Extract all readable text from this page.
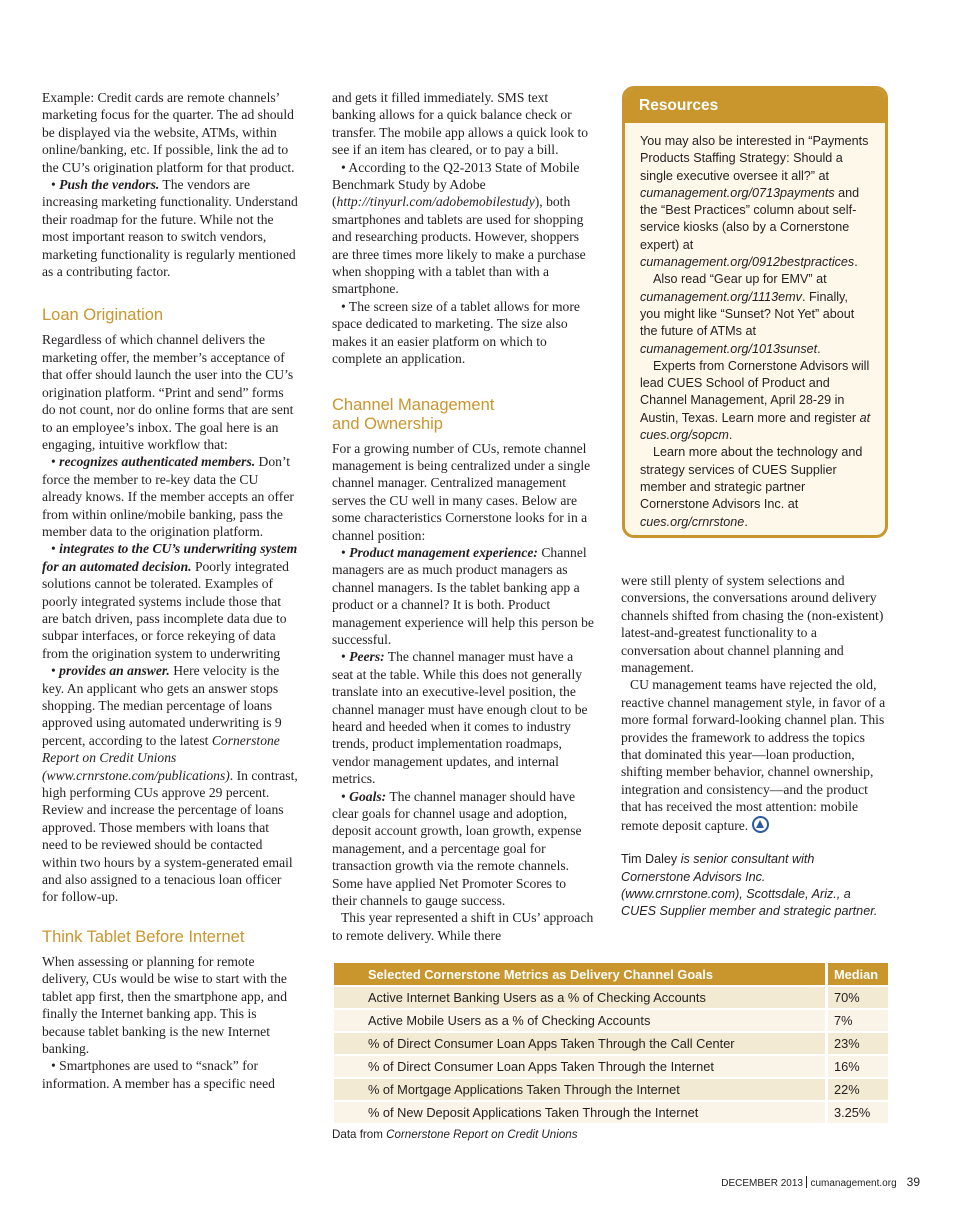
Example: Credit cards are remote channels’ marketing focus for the quarter. The ad should be displayed via the website, ATMs, within online/banking, etc. If possible, link the ad to the CU’s origination platform for that product.

• Push the vendors. The vendors are increasing marketing functionality. Understand their roadmap for the future. While not the most important reason to switch vendors, marketing functionality is regularly mentioned as a contributing factor.

Loan Origination

Regardless of which channel delivers the marketing offer, the member’s acceptance of that offer should launch the user into the CU’s origination platform. “Print and send” forms do not count, nor do online forms that are sent to an employee’s inbox. The goal here is an engaging, intuitive workflow that:

• recognizes authenticated members. Don’t force the member to re-key data the CU already knows. If the member accepts an offer from within online/mobile banking, pass the member data to the origination platform.

• integrates to the CU’s underwriting system for an automated decision. Poorly integrated solutions cannot be tolerated. Examples of poorly integrated systems include those that are batch driven, pass incomplete data due to subpar interfaces, or force rekeying of data from the origination system to underwriting

• provides an answer. Here velocity is the key. An applicant who gets an answer stops shopping. The median percentage of loans approved using automated underwriting is 9 percent, according to the latest Cornerstone Report on Credit Unions (www.crnrstone.com/publications). In contrast, high performing CUs approve 29 percent. Review and increase the percentage of loans approved. Those members with loans that need to be reviewed should be contacted within two hours by a system-generated email and also assigned to a tenacious loan officer for follow-up.

Think Tablet Before Internet

When assessing or planning for remote delivery, CUs would be wise to start with the tablet app first, then the smartphone app, and finally the Internet banking app. This is because tablet banking is the new Internet banking.

• Smartphones are used to “snack” for information. A member has a specific need

and gets it filled immediately. SMS text banking allows for a quick balance check or transfer. The mobile app allows a quick look to see if an item has cleared, or to pay a bill.

• According to the Q2-2013 State of Mobile Benchmark Study by Adobe (http://tinyurl.com/adobemobilestudy), both smartphones and tablets are used for shopping and researching products. However, shoppers are three times more likely to make a purchase when shopping with a tablet than with a smartphone.

• The screen size of a tablet allows for more space dedicated to marketing. The size also makes it an easier platform on which to complete an application.

Channel Management
and Ownership

For a growing number of CUs, remote channel management is being centralized under a single channel manager. Centralized management serves the CU well in many cases. Below are some characteristics Cornerstone looks for in a channel position:

• Product management experience: Channel managers are as much product managers as channel managers. Is the tablet banking app a product or a channel? It is both. Product management experience will help this person be successful.

• Peers: The channel manager must have a seat at the table. While this does not generally translate into an executive-level position, the channel manager must have enough clout to be heard and heeded when it comes to industry trends, product implementation roadmaps, vendor management updates, and internal metrics.

• Goals: The channel manager should have clear goals for channel usage and adoption, deposit account growth, loan growth, expense management, and a percentage goal for transaction growth via the remote channels. Some have applied Net Promoter Scores to their channels to gauge success.

This year represented a shift in CUs’ approach to remote delivery. While there

Resources

You may also be interested in “Payments Products Staffing Strategy: Should a single executive oversee it all?” at cumanagement.org/0713payments and the “Best Practices” column about self-service kiosks (also by a Cornerstone expert) at cumanagement.org/0912bestpractices.

Also read “Gear up for EMV” at cumanagement.org/1113emv. Finally, you might like “Sunset? Not Yet” about the future of ATMs at cumanagement.org/1013sunset.

Experts from Cornerstone Advisors will lead CUES School of Product and Channel Management, April 28-29 in Austin, Texas. Learn more and register at cues.org/sopcm.

Learn more about the technology and strategy services of CUES Supplier member and strategic partner Cornerstone Advisors Inc. at cues.org/crnrstone.

were still plenty of system selections and conversions, the conversations around delivery channels shifted from chasing the (non-existent) latest-and-greatest functionality to a conversation about channel planning and management.

CU management teams have rejected the old, reactive channel management style, in favor of a more formal forward-looking channel plan. This provides the framework to address the topics that dominated this year—loan production, shifting member behavior, channel ownership, integration and consistency—and the product that has received the most attention: mobile remote deposit capture.

Tim Daley is senior consultant with Cornerstone Advisors Inc. (www.crnrstone.com), Scottsdale, Ariz., a CUES Supplier member and strategic partner.

Selected Cornerstone Metrics as Delivery Channel Goals	Median
Active Internet Banking Users as a % of Checking Accounts	70%
Active Mobile Users as a % of Checking Accounts	7%
% of Direct Consumer Loan Apps Taken Through the Call Center	23%
% of Direct Consumer Loan Apps Taken Through the Internet	16%
% of Mortgage Applications Taken Through the Internet	22%
% of New Deposit Applications Taken Through the Internet	3.25%
Data from Cornerstone Report on Credit Unions
DECEMBER 2013 cumanagement.org 39
